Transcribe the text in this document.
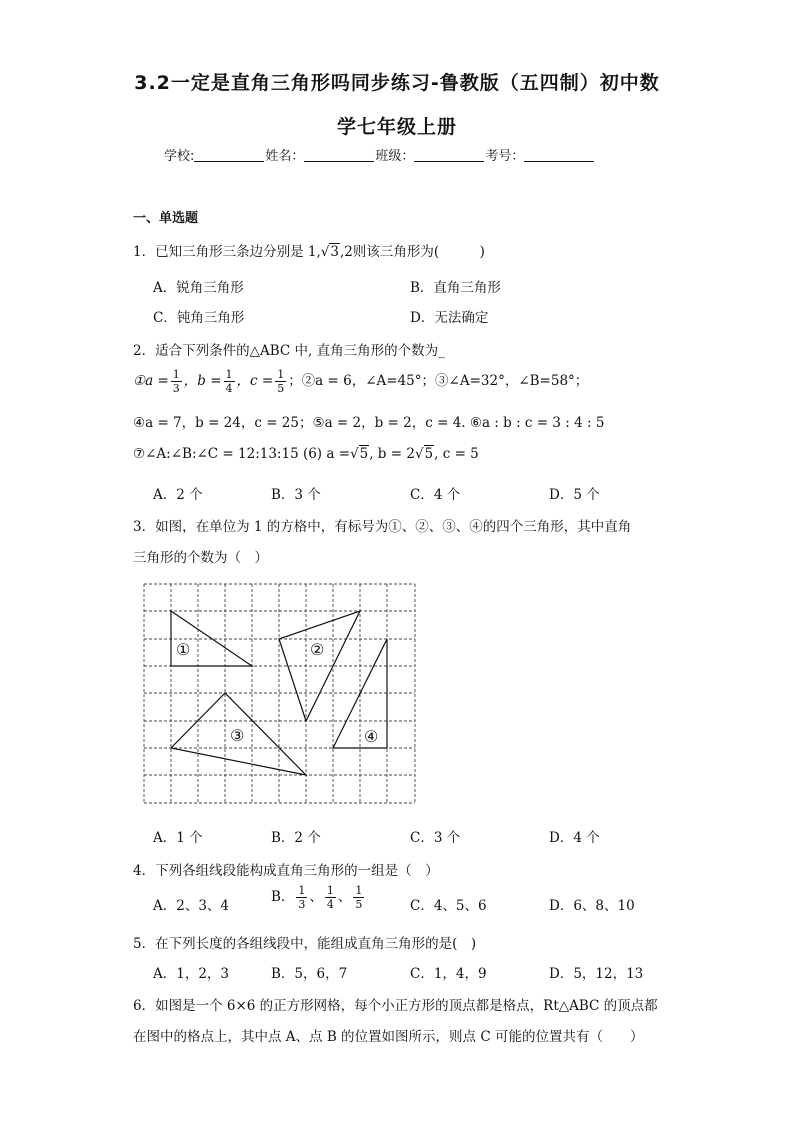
3.2一定是直角三角形吗同步练习-鲁教版（五四制）初中数
学七年级上册
学校:	姓名：	班级：	考号：
一、单选题
1．已知三角形三条边分别是 1,√3,2则该三角形为(　　　)
A．锐角三角形	B．直角三角形
C．钝角三角形	D．无法确定
2．适合下列条件的△ABC 中, 直角三角形的个数为_
①a = $\frac{1}{3}$ ，$b = \frac{1}{4}$ ，$c = \frac{1}{5}$ ；②a = 6，∠A=45°；③∠A=32°，∠B=58°；
④a = 7，b = 24，c = 25；⑤a = 2，b = 2，c = 4. ⑥a : b : c = 3 : 4 : 5
⑦∠A:∠B:∠C = 12:13:15 (6) a =√5, b = 2√5, c = 5
A．2 个	B．3 个	C．4 个	D．5 个
3．如图，在单位为 1 的方格中，有标号为①、②、③、④的四个三角形，其中直角
三角形的个数为（　）
①	②
③	④
A．1 个	B．2 个	C．3 个	D．4 个
4．下列各组线段能构成直角三角形的一组是（　）
A．2、3、4
B． $\frac{1}{3}$ 、 $\frac{1}{4}$ 、 $\frac{1}{5}$	C．4、5、6	D．6、8、10
5．在下列长度的各组线段中，能组成直角三角形的是(　)
A．1，2，3	B．5，6，7	C．1，4，9	D．5，12，13
6．如图是一个 6×6 的正方形网格，每个小正方形的顶点都是格点，Rt△ABC 的顶点都
在图中的格点上，其中点 A、点 B 的位置如图所示，则点 C 可能的位置共有（　　）
